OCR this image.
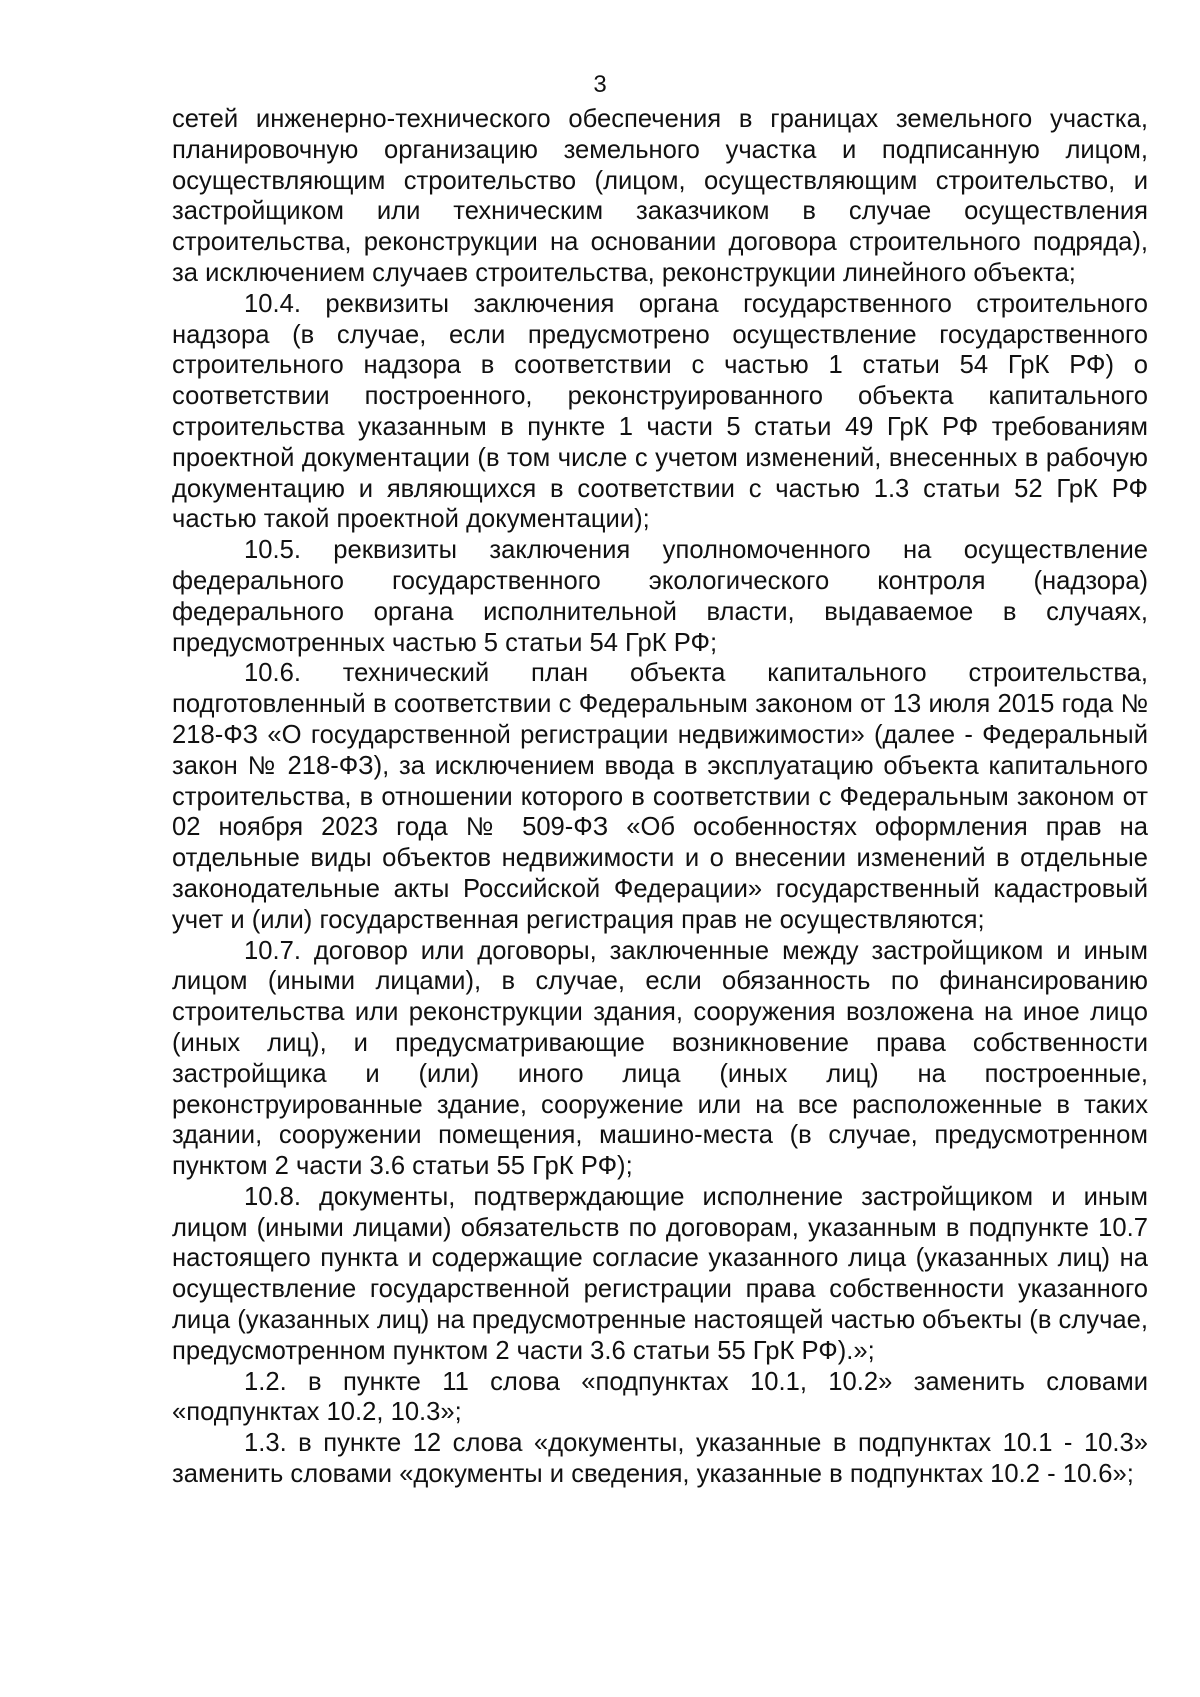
3

сетей инженерно-технического обеспечения в границах земельного участка, планировочную организацию земельного участка и подписанную лицом, осуществляющим строительство (лицом, осуществляющим строительство, и застройщиком или техническим заказчиком в случае осуществления строительства, реконструкции на основании договора строительного подряда), за исключением случаев строительства, реконструкции линейного объекта;

10.4. реквизиты заключения органа государственного строительного надзора (в случае, если предусмотрено осуществление государственного строительного надзора в соответствии с частью 1 статьи 54 ГрК РФ) о соответствии построенного, реконструированного объекта капитального строительства указанным в пункте 1 части 5 статьи 49 ГрК РФ требованиям проектной документации (в том числе с учетом изменений, внесенных в рабочую документацию и являющихся в соответствии с частью 1.3 статьи 52 ГрК РФ частью такой проектной документации);

10.5. реквизиты заключения уполномоченного на осуществление федерального государственного экологического контроля (надзора) федерального органа исполнительной власти, выдаваемое в случаях, предусмотренных частью 5 статьи 54 ГрК РФ;

10.6. технический план объекта капитального строительства, подготовленный в соответствии с Федеральным законом от 13 июля 2015 года № 218-ФЗ «О государственной регистрации недвижимости» (далее - Федеральный закон № 218-ФЗ), за исключением ввода в эксплуатацию объекта капитального строительства, в отношении которого в соответствии с Федеральным законом от 02 ноября 2023 года № 509-ФЗ «Об особенностях оформления прав на отдельные виды объектов недвижимости и о внесении изменений в отдельные законодательные акты Российской Федерации» государственный кадастровый учет и (или) государственная регистрация прав не осуществляются;

10.7. договор или договоры, заключенные между застройщиком и иным лицом (иными лицами), в случае, если обязанность по финансированию строительства или реконструкции здания, сооружения возложена на иное лицо (иных лиц), и предусматривающие возникновение права собственности застройщика и (или) иного лица (иных лиц) на построенные, реконструированные здание, сооружение или на все расположенные в таких здании, сооружении помещения, машино-места (в случае, предусмотренном пунктом 2 части 3.6 статьи 55 ГрК РФ);

10.8. документы, подтверждающие исполнение застройщиком и иным лицом (иными лицами) обязательств по договорам, указанным в подпункте 10.7 настоящего пункта и содержащие согласие указанного лица (указанных лиц) на осуществление государственной регистрации права собственности указанного лица (указанных лиц) на предусмотренные настоящей частью объекты (в случае, предусмотренном пунктом 2 части 3.6 статьи 55 ГрК РФ).»;

1.2. в пункте 11 слова «подпунктах 10.1, 10.2» заменить словами «подпунктах 10.2, 10.3»;

1.3. в пункте 12 слова «документы, указанные в подпунктах 10.1 - 10.3» заменить словами «документы и сведения, указанные в подпунктах 10.2 - 10.6»;
